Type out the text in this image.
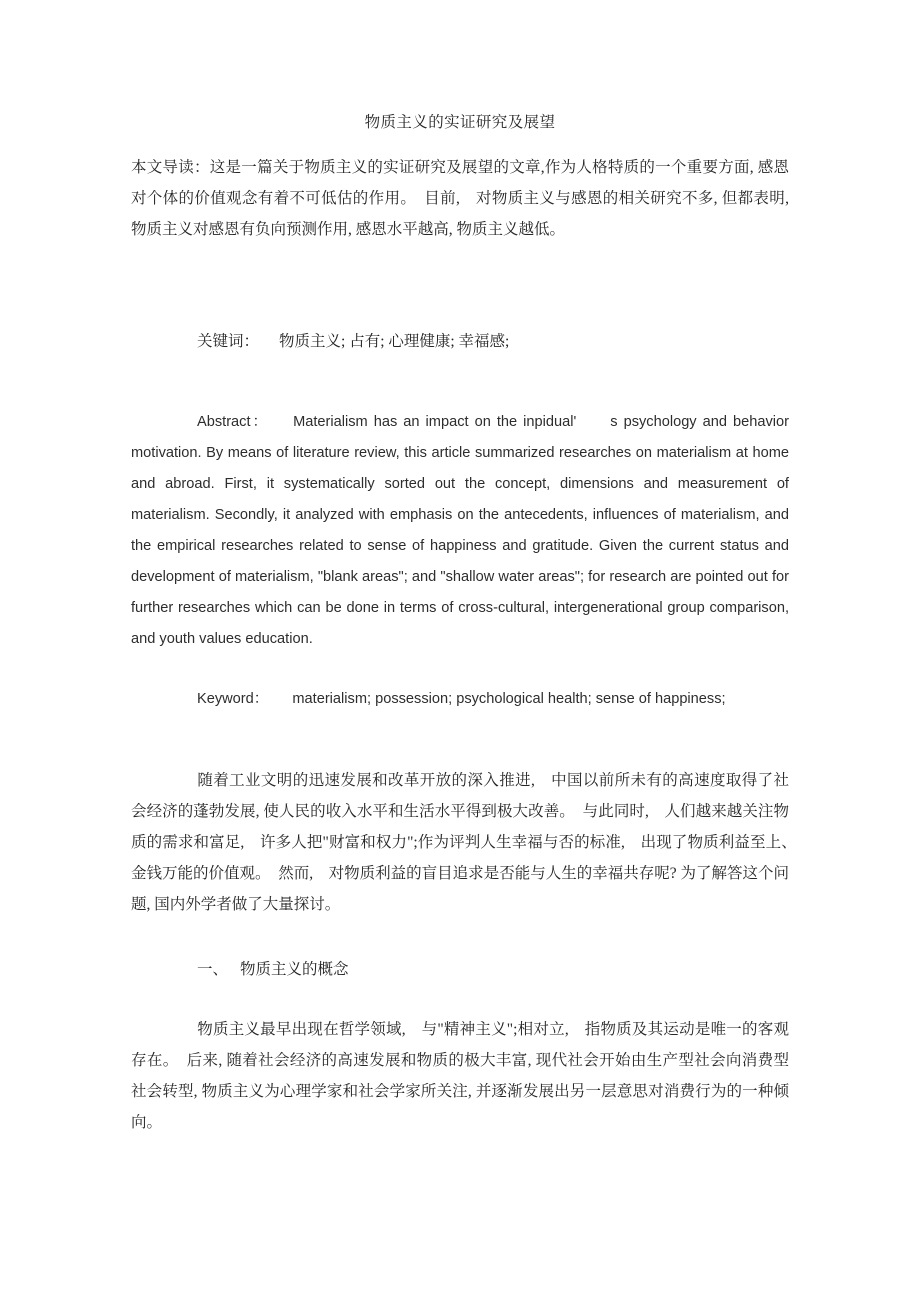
物质主义的实证研究及展望
本文导读：这是一篇关于物质主义的实证研究及展望的文章,作为人格特质的一个重要方面, 感恩对个体的价值观念有着不可低估的作用。　目前,　对物质主义与感恩的相关研究不多, 但都表明, 物质主义对感恩有负向预测作用, 感恩水平越高, 物质主义越低。
关键词： 物质主义; 占有; 心理健康; 幸福感;
Abstract： Materialism has an impact on the inpidual' s psychology and behavior motivation. By means of literature review, this article summarized researches on materialism at home and abroad. First, it systematically sorted out the concept, dimensions and measurement of materialism. Secondly, it analyzed with emphasis on the antecedents, influences of materialism, and the empirical researches related to sense of happiness and gratitude. Given the current status and development of materialism, "blank areas"; and "shallow water areas"; for research are pointed out for further researches which can be done in terms of cross-cultural, intergenerational group comparison, and youth values education.
Keyword： materialism; possession; psychological health; sense of happiness;
随着工业文明的迅速发展和改革开放的深入推进,　中国以前所未有的高速度取得了社会经济的蓬勃发展, 使人民的收入水平和生活水平得到极大改善。　与此同时,　人们越来越关注物质的需求和富足,　许多人把"财富和权力";作为评判人生幸福与否的标准,　出现了物质利益至上、　金钱万能的价值观。　然而,　对物质利益的盲目追求是否能与人生的幸福共存呢? 为了解答这个问题, 国内外学者做了大量探讨。
一、 物质主义的概念
物质主义最早出现在哲学领域,　与"精神主义";相对立,　指物质及其运动是唯一的客观存在。　后来, 随着社会经济的高速发展和物质的极大丰富, 现代社会开始由生产型社会向消费型社会转型, 物质主义为心理学家和社会学家所关注, 并逐渐发展出另一层意思对消费行为的一种倾向。
